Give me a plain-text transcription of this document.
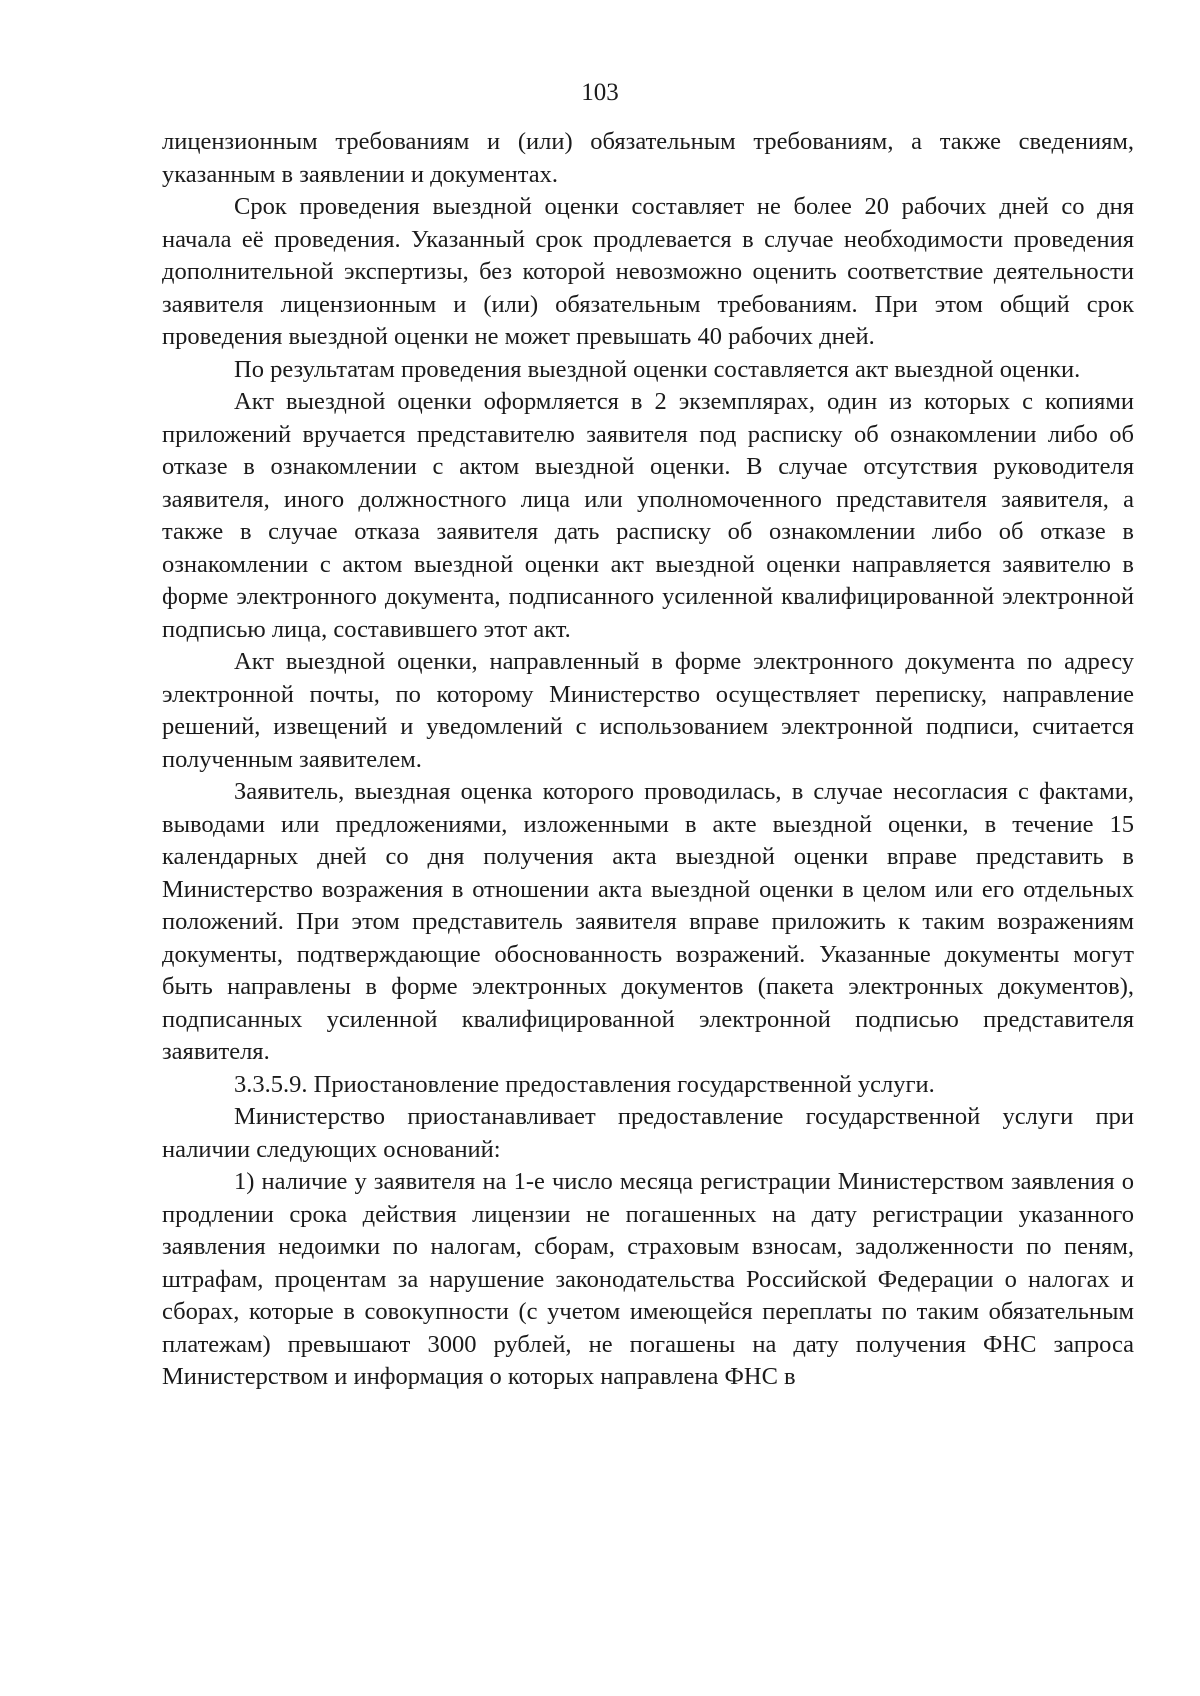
103

лицензионным требованиям и (или) обязательным требованиям, а также сведениям, указанным в заявлении и документах.

Срок проведения выездной оценки составляет не более 20 рабочих дней со дня начала её проведения. Указанный срок продлевается в случае необходимости проведения дополнительной экспертизы, без которой невозможно оценить соответствие деятельности заявителя лицензионным и (или) обязательным требованиям. При этом общий срок проведения выездной оценки не может превышать 40 рабочих дней.

По результатам проведения выездной оценки составляется акт выездной оценки.

Акт выездной оценки оформляется в 2 экземплярах, один из которых с копиями приложений вручается представителю заявителя под расписку об ознакомлении либо об отказе в ознакомлении с актом выездной оценки. В случае отсутствия руководителя заявителя, иного должностного лица или уполномоченного представителя заявителя, а также в случае отказа заявителя дать расписку об ознакомлении либо об отказе в ознакомлении с актом выездной оценки акт выездной оценки направляется заявителю в форме электронного документа, подписанного усиленной квалифицированной электронной подписью лица, составившего этот акт.

Акт выездной оценки, направленный в форме электронного документа по адресу электронной почты, по которому Министерство осуществляет переписку, направление решений, извещений и уведомлений с использованием электронной подписи, считается полученным заявителем.

Заявитель, выездная оценка которого проводилась, в случае несогласия с фактами, выводами или предложениями, изложенными в акте выездной оценки, в течение 15 календарных дней со дня получения акта выездной оценки вправе представить в Министерство возражения в отношении акта выездной оценки в целом или его отдельных положений. При этом представитель заявителя вправе приложить к таким возражениям документы, подтверждающие обоснованность возражений. Указанные документы могут быть направлены в форме электронных документов (пакета электронных документов), подписанных усиленной квалифицированной электронной подписью представителя заявителя.

3.3.5.9. Приостановление предоставления государственной услуги.

Министерство приостанавливает предоставление государственной услуги при наличии следующих оснований:

1) наличие у заявителя на 1-е число месяца регистрации Министерством заявления о продлении срока действия лицензии не погашенных на дату регистрации указанного заявления недоимки по налогам, сборам, страховым взносам, задолженности по пеням, штрафам, процентам за нарушение законодательства Российской Федерации о налогах и сборах, которые в совокупности (с учетом имеющейся переплаты по таким обязательным платежам) превышают 3000 рублей, не погашены на дату получения ФНС запроса Министерством и информация о которых направлена ФНС в
